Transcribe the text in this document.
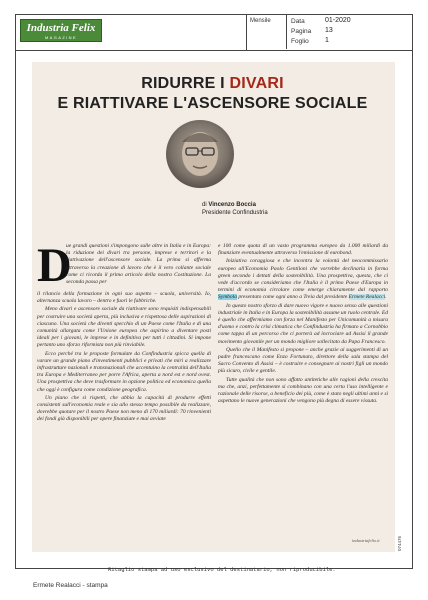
Industria Felix
MAGAZINE
Mensile	Data	01-2020
Pagina 13
Foglio 1
RIDURRE I DIVARI
E RIATTIVARE L'ASCENSORE SOCIALE
di Vincenzo Boccia
Presidente Confindustria
D

ue grandi questioni s'impongono sulle altre in Italia e in Europa: la riduzione dei divari tra persone, imprese e territori e la riattivazione dell'ascensore sociale. La prima si afferma attraverso la creazione di lavoro che è il vero collante sociale come ci ricorda il primo articolo della nostra Costituzione. La seconda passa per

il rilancio della formazione in ogni suo aspetto – scuola, università. Io, alternanza scuola lavoro – dentro e fuori le fabbriche.

Meno divari e ascensore sociale da riattivare sono requisiti indispensabili per costruire una società aperta, più inclusiva e rispettosa delle aspirazioni di ciascuno. Una società che diventi specchio di un Paese come l'Italia e di una comunità allargata come l'Unione europea che aspirino a diventare posti ideali per i giovani, le imprese e in definitiva per tutti i cittadini. Si impone pertanto uno sforzo riformista non più rinviabile.

Ecco perché tra le proposte formulate da Confindustria spicca quella di varare un grande piano d'investimenti pubblici e privati che miri a realizzare infrastrutture nazionali e transnazionali che accentuino la centralità dell'Italia tra Europa e Mediterraneo per porre l'Africa, aperta a nord est e nord ovest. Una prospettiva che deve trasformare in opzione politica ed economica quella che oggi è configura come condizione geografica.

Un piano che si rispetti, che abbia la capacità di produrre effetti consistenti sull'economia reale e sia allo stesso tempo possibile da realizzare, dovrebbe quotare per il nostro Paese non meno di 170 miliardi: 70 rinvenienti dei fondi già disponibili per opere finanziate e mai avviate

e 100 come quota di un vasto programma europeo da 1.000 miliardi da finanziare eventualmente attraverso l'emissione di eurobond.

Iniziativa coraggiosa e che incontra la volontà del neocommissario europeo all'Economia Paolo Gentiloni che vorrebbe declinarla in forma green secondo i dettati della sostenibilità. Una prospettiva, questa, che ci vede d'accordo se consideriamo che l'Italia è il primo Paese d'Europa in termini di economia circolare come emerge chiaramente dal rapporto Symbola presentato come ogni anno a Treia dal presidente Ermete Realacci.

In questo nostro sforzo di dare nuovo vigore e nuovo senso alle questioni industriale in Italia e in Europa la sostenibilità assume un ruolo centrale. Ed è quello che affermiamo con forza nel Manifesto per Unicomunità a misura d'uomo e contro la crisi climatica che Confindustria ha firmato a Cornobbio come tappa di un percorso che ci porterà ad incrociare ad Assisi il grande movimento giovanile per un mondo migliore sollecitato da Papa Francesco.

Quello che il Manifesto si propone – anche grazie ai suggerimenti di un padre francescano come Enzo Fortunato, direttore della sala stampa del Sacro Convento di Assisi – è costruire e consegnare ai nostri figli un mondo più sicuro, civile e gentile.

Tutte qualità che non sono affatto antitetiche alle ragioni della crescita ma che, anzi, perfettamente si combinano con una certa l'uso intelligente e razionale delle risorse, a beneficio dei più, come è stato negli ultimi anni e si aspettano le nuove generazioni che vengono più degna di essere vissuta.

industriafelix.it	074476
Ritaglio stampa ad uso esclusivo del destinatario, non riproducibile.
Ermete Realacci - stampa
